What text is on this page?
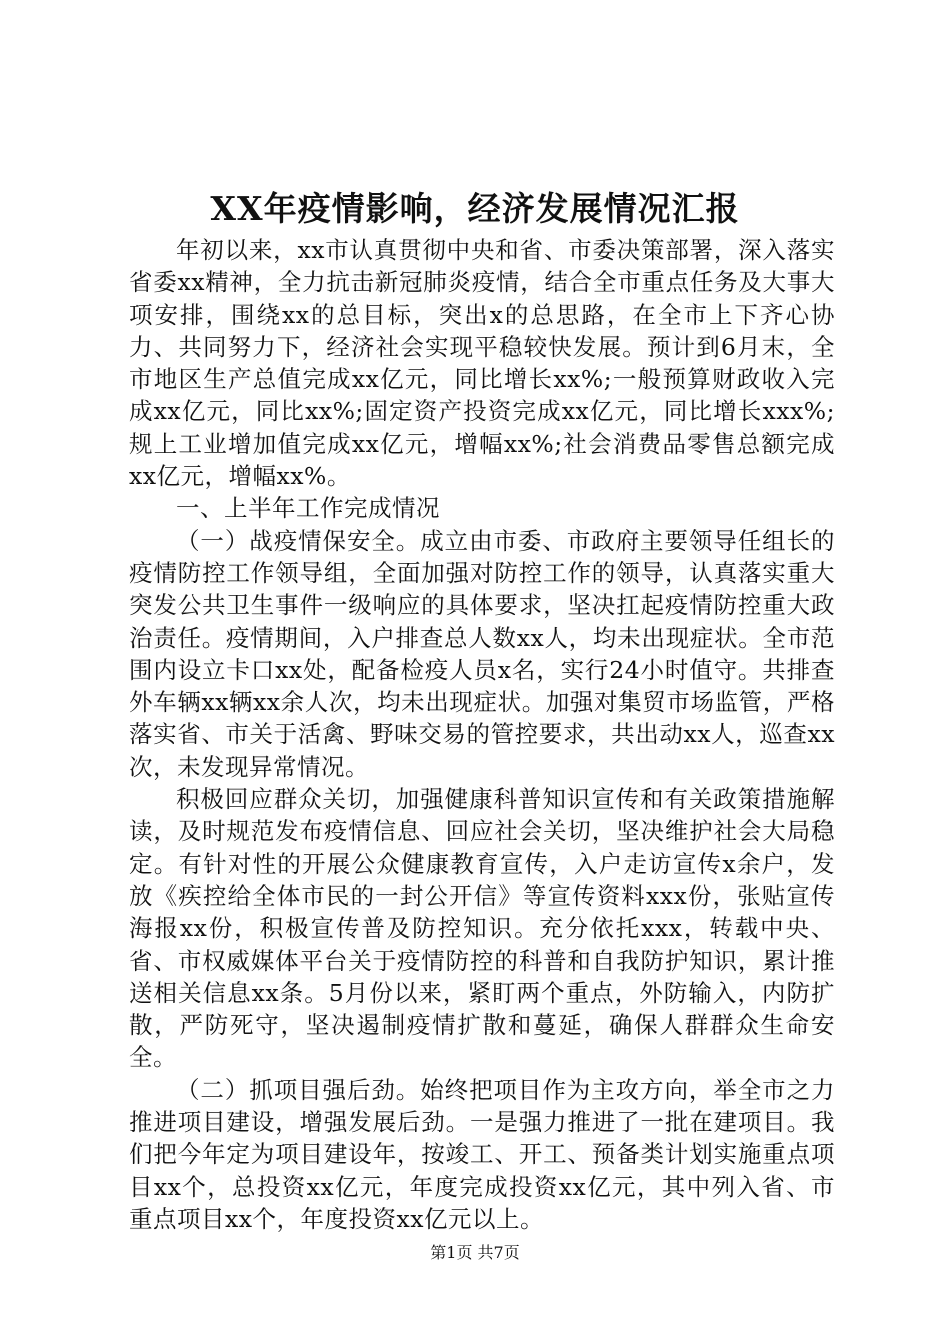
XX年疫情影响，经济发展情况汇报

年初以来，xx市认真贯彻中央和省、市委决策部署，深入落实省委xx精神，全力抗击新冠肺炎疫情，结合全市重点任务及大事大项安排，围绕xx的总目标，突出x的总思路，在全市上下齐心协力、共同努力下，经济社会实现平稳较快发展。预计到6月末，全市地区生产总值完成xx亿元，同比增长xx%;一般预算财政收入完成xx亿元，同比xx%;固定资产投资完成xx亿元，同比增长xxx%;规上工业增加值完成xx亿元，增幅xx%;社会消费品零售总额完成xx亿元，增幅xx%。

一、上半年工作完成情况

（一）战疫情保安全。成立由市委、市政府主要领导任组长的疫情防控工作领导组，全面加强对防控工作的领导，认真落实重大突发公共卫生事件一级响应的具体要求，坚决扛起疫情防控重大政治责任。疫情期间，入户排查总人数xx人，均未出现症状。全市范围内设立卡口xx处，配备检疫人员x名，实行24小时值守。共排查外车辆xx辆xx余人次，均未出现症状。加强对集贸市场监管，严格落实省、市关于活禽、野味交易的管控要求，共出动xx人，巡查xx次，未发现异常情况。

积极回应群众关切，加强健康科普知识宣传和有关政策措施解读，及时规范发布疫情信息、回应社会关切，坚决维护社会大局稳定。有针对性的开展公众健康教育宣传，入户走访宣传x余户，发放《疾控给全体市民的一封公开信》等宣传资料xxx份，张贴宣传海报xx份，积极宣传普及防控知识。充分依托xxx，转载中央、省、市权威媒体平台关于疫情防控的科普和自我防护知识，累计推送相关信息xx条。5月份以来，紧盯两个重点，外防输入，内防扩散，严防死守，坚决遏制疫情扩散和蔓延，确保人群群众生命安全。

（二）抓项目强后劲。始终把项目作为主攻方向，举全市之力推进项目建设，增强发展后劲。一是强力推进了一批在建项目。我们把今年定为项目建设年，按竣工、开工、预备类计划实施重点项目xx个，总投资xx亿元，年度完成投资xx亿元，其中列入省、市重点项目xx个，年度投资xx亿元以上。

第1页 共7页
